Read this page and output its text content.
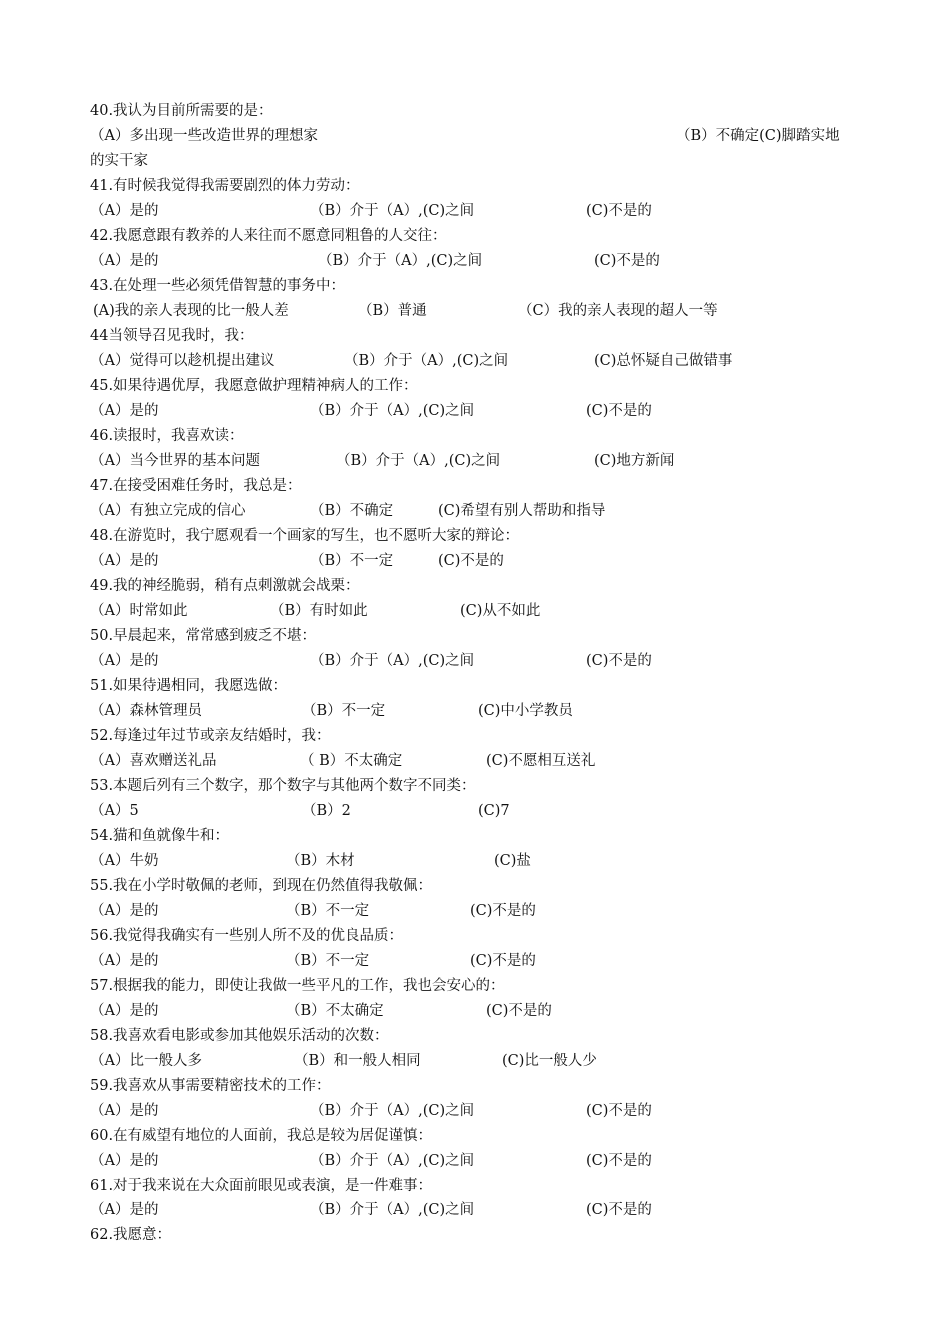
40.我认为目前所需要的是：
（A）多出现一些改造世界的理想家	（B）不确定(C)脚踏实地
的实干家
41.有时候我觉得我需要剧烈的体力劳动：
（A）是的	（B）介于（A）,(C)之间	(C)不是的
42.我愿意跟有教养的人来往而不愿意同粗鲁的人交往：
（A）是的	（B）介于（A）,(C)之间	(C)不是的
43.在处理一些必须凭借智慧的事务中：
(A)我的亲人表现的比一般人差	（B）普通	（C）我的亲人表现的超人一等
44当领导召见我时，我：
（A）觉得可以趁机提出建议	（B）介于（A）,(C)之间	(C)总怀疑自己做错事
45.如果待遇优厚，我愿意做护理精神病人的工作：
（A）是的	（B）介于（A）,(C)之间	(C)不是的
46.读报时，我喜欢读：
（A）当今世界的基本问题	（B）介于（A）,(C)之间	(C)地方新闻
47.在接受困难任务时，我总是：
（A）有独立完成的信心	（B）不确定	(C)希望有别人帮助和指导
48.在游览时，我宁愿观看一个画家的写生，也不愿听大家的辩论：
（A）是的	（B）不一定	(C)不是的
49.我的神经脆弱，稍有点刺激就会战栗：
（A）时常如此	（B）有时如此	(C)从不如此
50.早晨起来，常常感到疲乏不堪：
（A）是的	（B）介于（A）,(C)之间	(C)不是的
51.如果待遇相同，我愿选做：
（A）森林管理员	（B）不一定	(C)中小学教员
52.每逢过年过节或亲友结婚时，我：
（A）喜欢赠送礼品	（ B）不太确定	(C)不愿相互送礼
53.本题后列有三个数字，那个数字与其他两个数字不同类：
（A）5	（B）2	(C)7
54.猫和鱼就像牛和：
（A）牛奶	（B）木材	(C)盐
55.我在小学时敬佩的老师，到现在仍然值得我敬佩：
（A）是的	（B）不一定	(C)不是的
56.我觉得我确实有一些别人所不及的优良品质：
（A）是的	（B）不一定	(C)不是的
57.根据我的能力，即使让我做一些平凡的工作，我也会安心的：
（A）是的	（B）不太确定	(C)不是的
58.我喜欢看电影或参加其他娱乐活动的次数：
（A）比一般人多	（B）和一般人相同	(C)比一般人少
59.我喜欢从事需要精密技术的工作：
（A）是的	（B）介于（A）,(C)之间	(C)不是的
60.在有威望有地位的人面前，我总是较为居促谨慎：
（A）是的	（B）介于（A）,(C)之间	(C)不是的
61.对于我来说在大众面前眼见或表演，是一件难事：
（A）是的	（B）介于（A）,(C)之间	(C)不是的
62.我愿意：
